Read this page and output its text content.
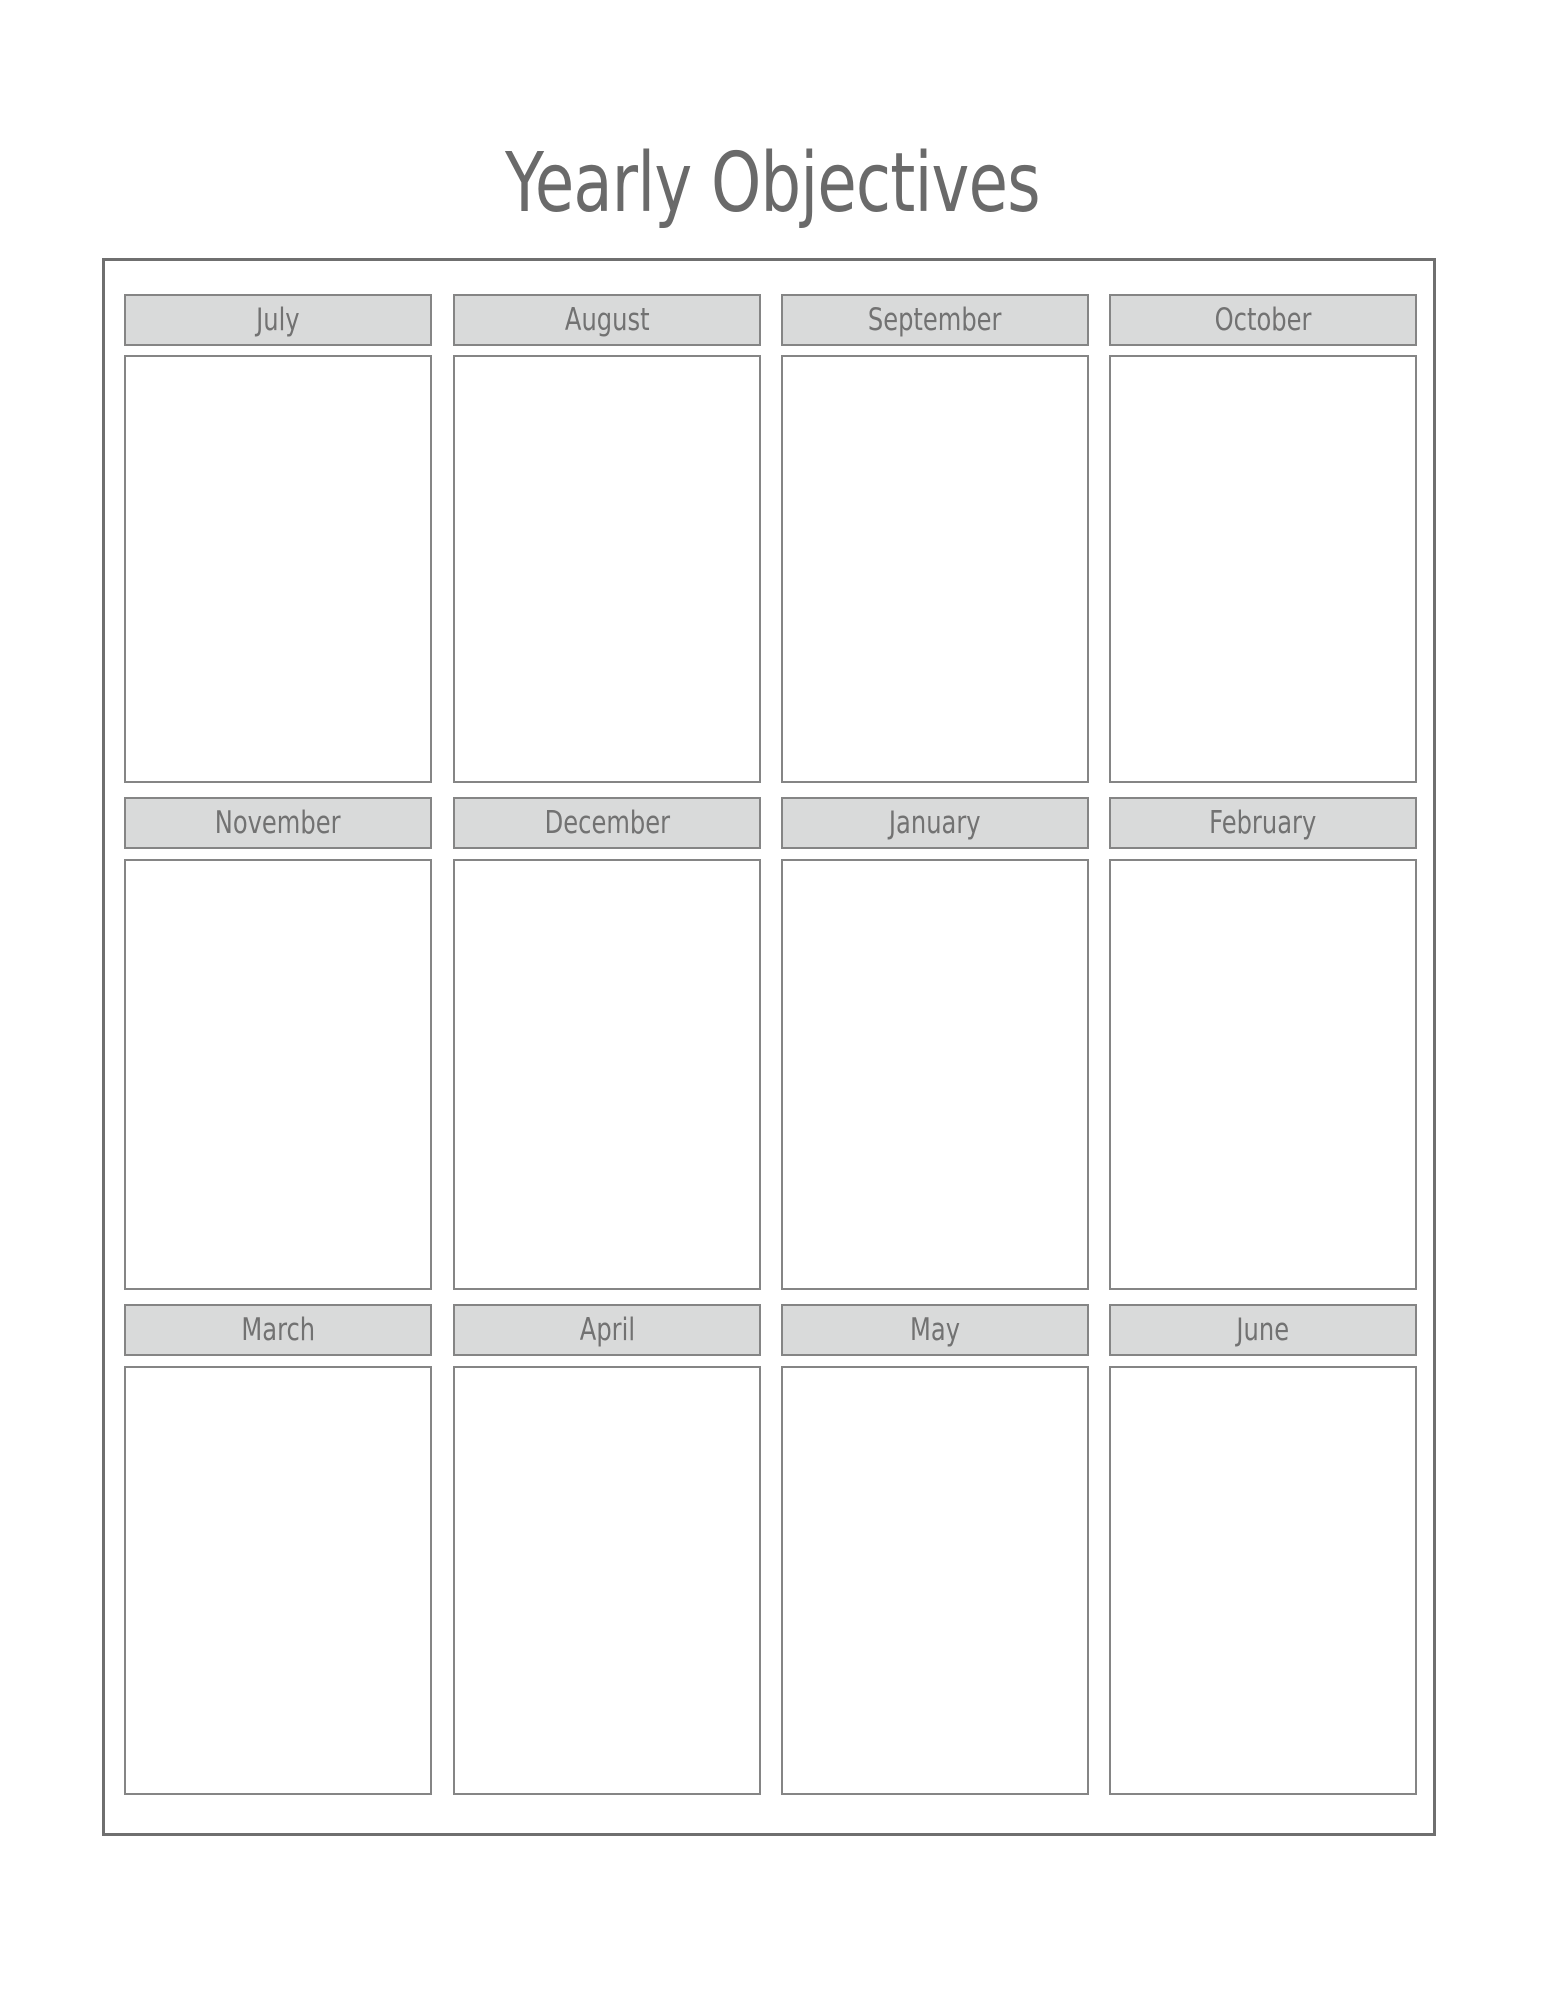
Yearly Objectives
July	August	September	October
November	December	January	February
March	April	May	June
